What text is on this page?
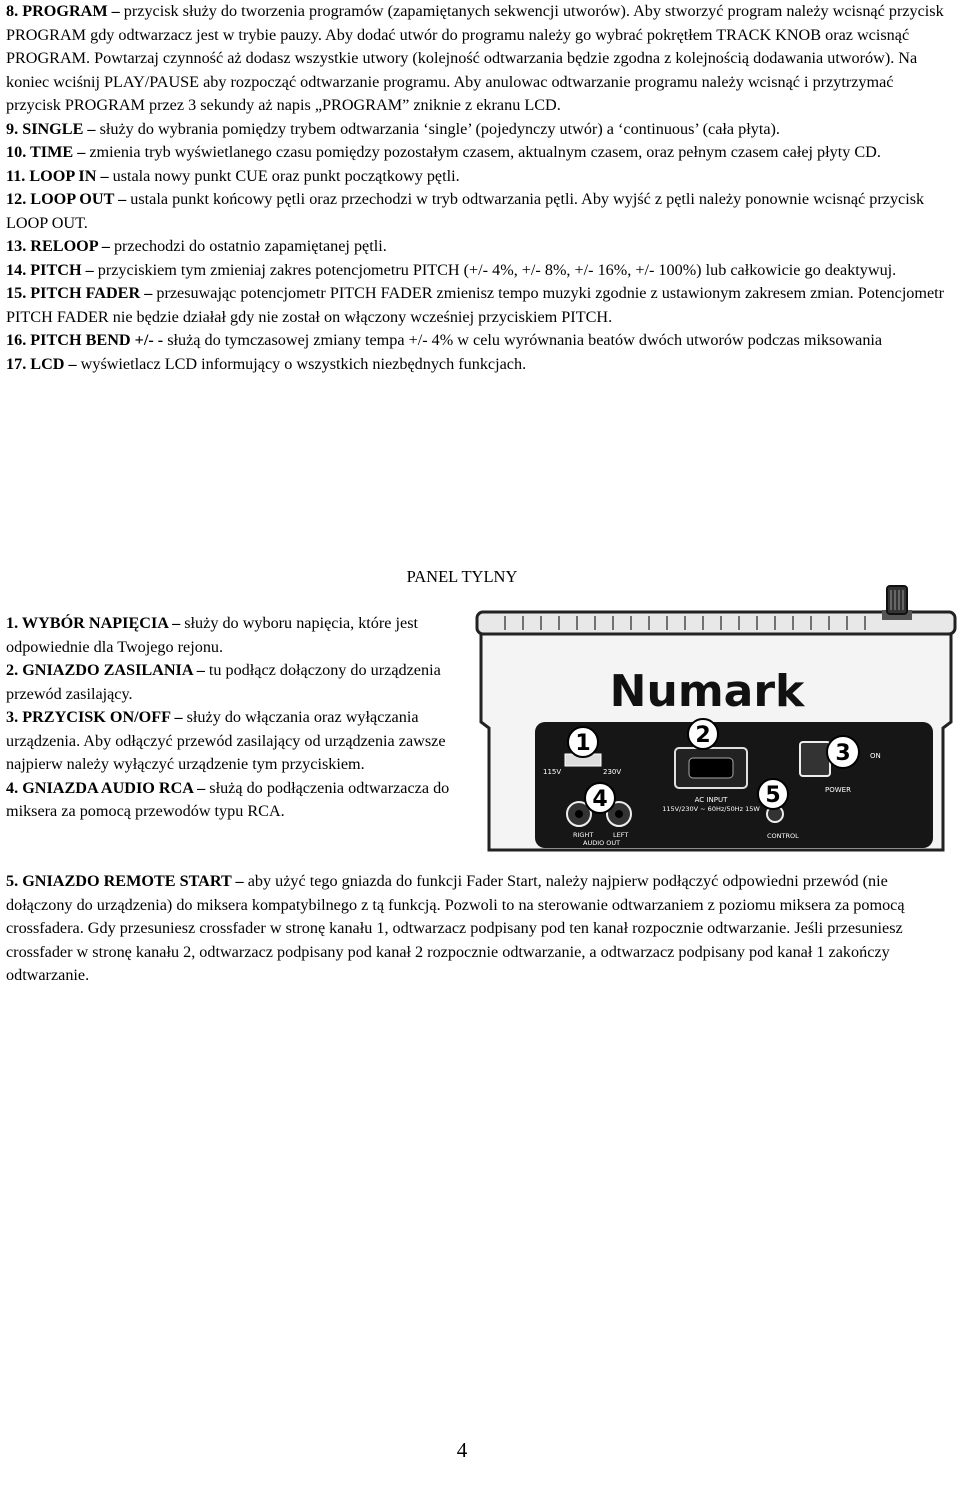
8. PROGRAM – przycisk służy do tworzenia programów (zapamiętanych sekwencji utworów). Aby stworzyć program należy wcisnąć przycisk PROGRAM gdy odtwarzacz jest w trybie pauzy. Aby dodać utwór do programu należy go wybrać pokrętłem TRACK KNOB oraz wcisnąć PROGRAM. Powtarzaj czynność aż dodasz wszystkie utwory (kolejność odtwarzania będzie zgodna z kolejnością dodawania utworów). Na koniec wciśnij PLAY/PAUSE aby rozpocząć odtwarzanie programu. Aby anulowac odtwarzanie programu należy wcisnąć i przytrzymać przycisk PROGRAM przez 3 sekundy aż napis „PROGRAM” zniknie z ekranu LCD.

9. SINGLE – służy do wybrania pomiędzy trybem odtwarzania ‘single’ (pojedynczy utwór) a ‘continuous’ (cała płyta).

10. TIME – zmienia tryb wyświetlanego czasu pomiędzy pozostałym czasem, aktualnym czasem, oraz pełnym czasem całej płyty CD.

11. LOOP IN – ustala nowy punkt CUE oraz punkt początkowy pętli.

12. LOOP OUT – ustala punkt końcowy pętli oraz przechodzi w tryb odtwarzania pętli. Aby wyjść z pętli należy ponownie wcisnąć przycisk LOOP OUT.

13. RELOOP – przechodzi do ostatnio zapamiętanej pętli.

14. PITCH – przyciskiem tym zmieniaj zakres potencjometru PITCH (+/- 4%, +/- 8%, +/- 16%, +/- 100%) lub całkowicie go deaktywuj.

15. PITCH FADER – przesuwając potencjometr PITCH FADER zmienisz tempo muzyki zgodnie z ustawionym zakresem zmian. Potencjometr PITCH FADER nie będzie działał gdy nie został on włączony wcześniej przyciskiem PITCH.

16. PITCH BEND +/- - służą do tymczasowej zmiany tempa +/- 4% w celu wyrównania beatów dwóch utworów podczas miksowania

17. LCD – wyświetlacz LCD informujący o wszystkich niezbędnych funkcjach.

PANEL TYLNY

1. WYBÓR NAPIĘCIA – służy do wyboru napięcia, które jest odpowiednie dla Twojego rejonu.

2. GNIAZDO ZASILANIA – tu podłącz dołączony do urządzenia przewód zasilający.

3. PRZYCISK ON/OFF – służy do włączania oraz wyłączania urządzenia. Aby odłączyć przewód zasilający od urządzenia zawsze najpierw należy wyłączyć urządzenie tym przyciskiem.

4. GNIAZDA AUDIO RCA – służą do podłączenia odtwarzacza do miksera za pomocą przewodów typu RCA.

5. GNIAZDO REMOTE START – aby użyć tego gniazda do funkcji Fader Start, należy najpierw podłączyć odpowiedni przewód (nie dołączony do urządzenia) do miksera kompatybilnego z tą funkcją. Pozwoli to na sterowanie odtwarzaniem z poziomu miksera za pomocą crossfadera. Gdy przesuniesz crossfader w stronę kanału 1, odtwarzacz podpisany pod ten kanał rozpocznie odtwarzanie. Jeśli przesuniesz crossfader w stronę kanału 2, odtwarzacz podpisany pod kanał 2 rozpocznie odtwarzanie, a odtwarzacz podpisany pod kanał 1 zakończy odtwarzanie.

Numark
115V	230V
AC INPUT
115V/230V ~ 60Hz/50Hz 15W
ON
POWER
RIGHT	LEFT
AUDIO OUT
CONTROL
1	2
3
4	5
4
